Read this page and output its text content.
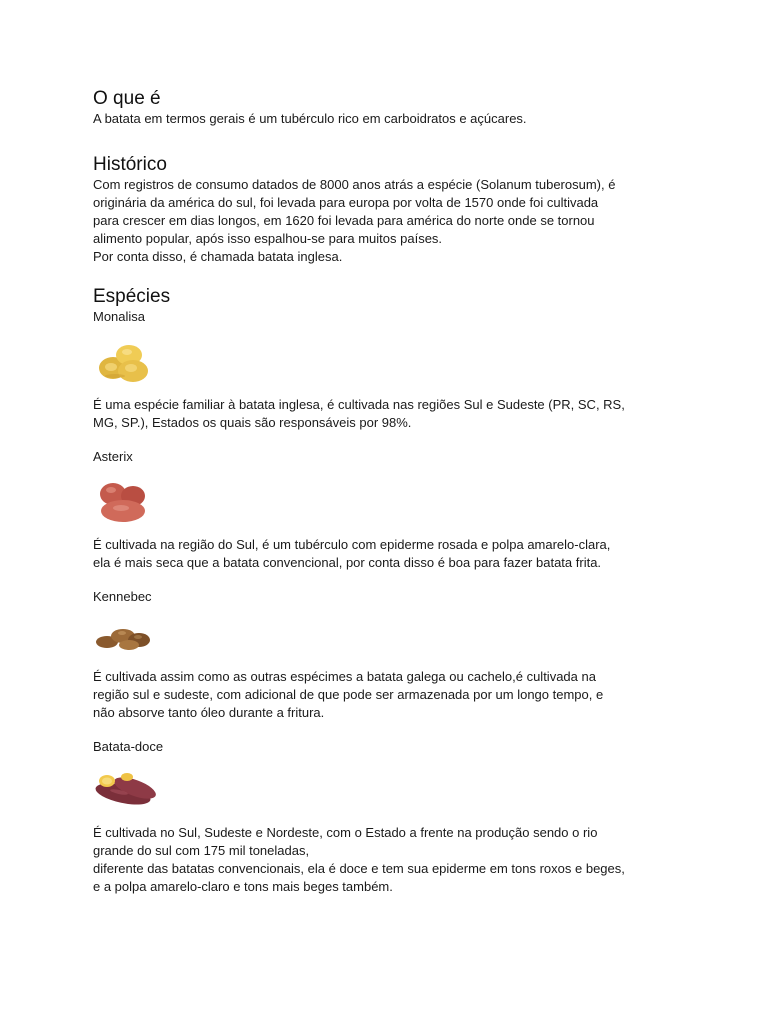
O que é

A batata em termos gerais é um tubérculo rico em carboidratos e açúcares.

Histórico

Com registros de consumo datados de 8000 anos atrás a espécie (Solanum tuberosum), é

originária da américa do sul, foi levada para europa por volta de 1570 onde foi cultivada

para crescer em dias longos, em 1620 foi levada para américa do norte onde se tornou

alimento popular, após isso espalhou-se para muitos países.

Por conta disso, é chamada batata inglesa.

Espécies

Monalisa

É uma espécie familiar à batata inglesa, é cultivada nas regiões Sul e Sudeste (PR, SC, RS,

MG, SP.), Estados os quais são responsáveis por 98%.

Asterix

É cultivada na região do Sul, é um tubérculo com epiderme rosada e polpa amarelo-clara,

ela é mais seca que a batata convencional, por conta disso é boa para fazer batata frita.

Kennebec

É cultivada assim como as outras espécimes a batata galega ou cachelo,é cultivada na

região sul e sudeste, com adicional de que pode ser armazenada por um longo tempo, e

não absorve tanto óleo durante a fritura.

Batata-doce

É cultivada no Sul, Sudeste e Nordeste, com o Estado a frente na produção sendo o rio

grande do sul com 175 mil toneladas,

diferente das batatas convencionais, ela é doce e tem sua epiderme em tons roxos e beges,

e a polpa amarelo-claro e tons mais beges também.
